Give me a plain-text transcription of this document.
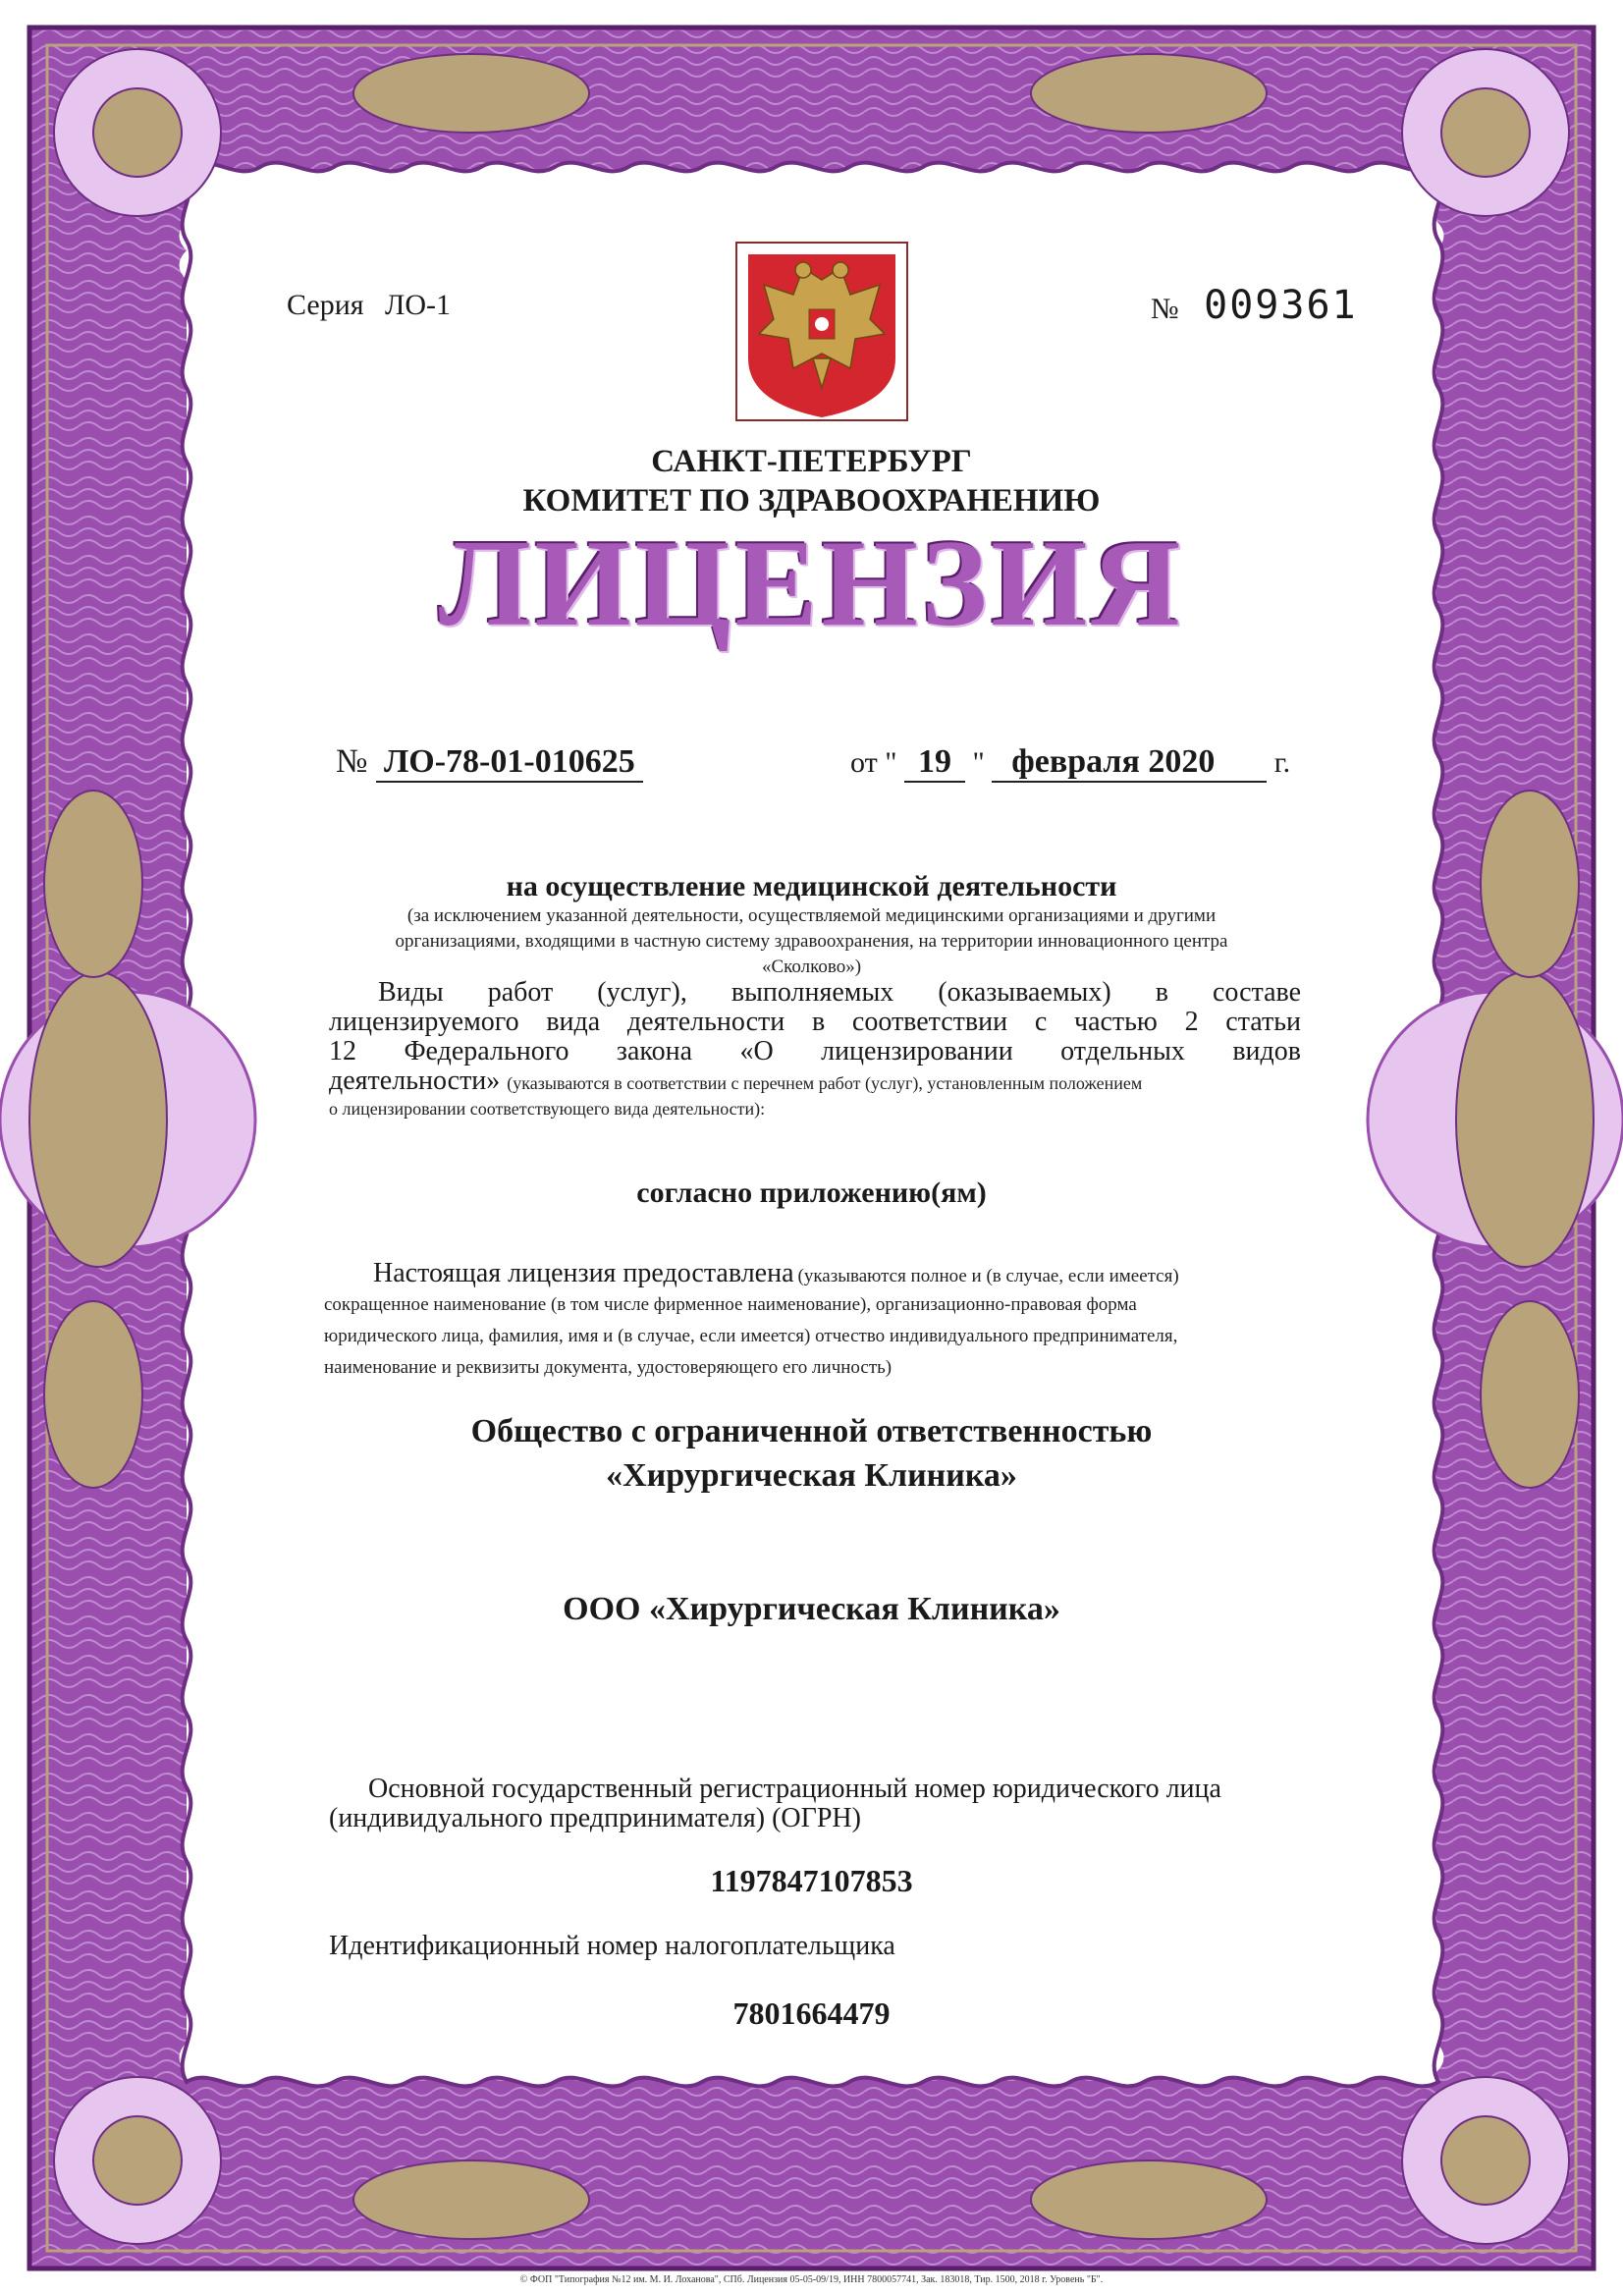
Серия ЛО-1	№ 009361
САНКТ-ПЕТЕРБУРГ
КОМИТЕТ ПО ЗДРАВООХРАНЕНИЮ
ЛИЦЕНЗИЯ
№ ЛО-78-01-010625	от " 19 " февраля 2020 г.
на осуществление медицинской деятельности
(за исключением указанной деятельности, осуществляемой медицинскими организациями и другими
организациями, входящими в частную систему здравоохранения, на территории инновационного центра
«Сколково»)
Виды работ (услуг), выполняемых (оказываемых) в составе
лицензируемого вида деятельности в соответствии с частью 2 статьи
12 Федерального закона «О лицензировании отдельных видов
деятельности» (указываются в соответствии с перечнем работ (услуг), установленным положением
о лицензировании соответствующего вида деятельности):
согласно приложению(ям)
Настоящая лицензия предоставлена (указываются полное и (в случае, если имеется)
сокращенное наименование (в том числе фирменное наименование), организационно-правовая форма
юридического лица, фамилия, имя и (в случае, если имеется) отчество индивидуального предпринимателя,
наименование и реквизиты документа, удостоверяющего его личность)
Общество с ограниченной ответственностью
«Хирургическая Клиника»
ООО «Хирургическая Клиника»
Основной государственный регистрационный номер юридического лица
(индивидуального предпринимателя) (ОГРН)
1197847107853
Идентификационный номер налогоплательщика
7801664479
© ФОП "Типография №12 им. М. И. Лоханова", СПб. Лицензия 05-05-09/19, ИНН 7800057741, Зак. 183018, Тир. 1500, 2018 г. Уровень "Б".
